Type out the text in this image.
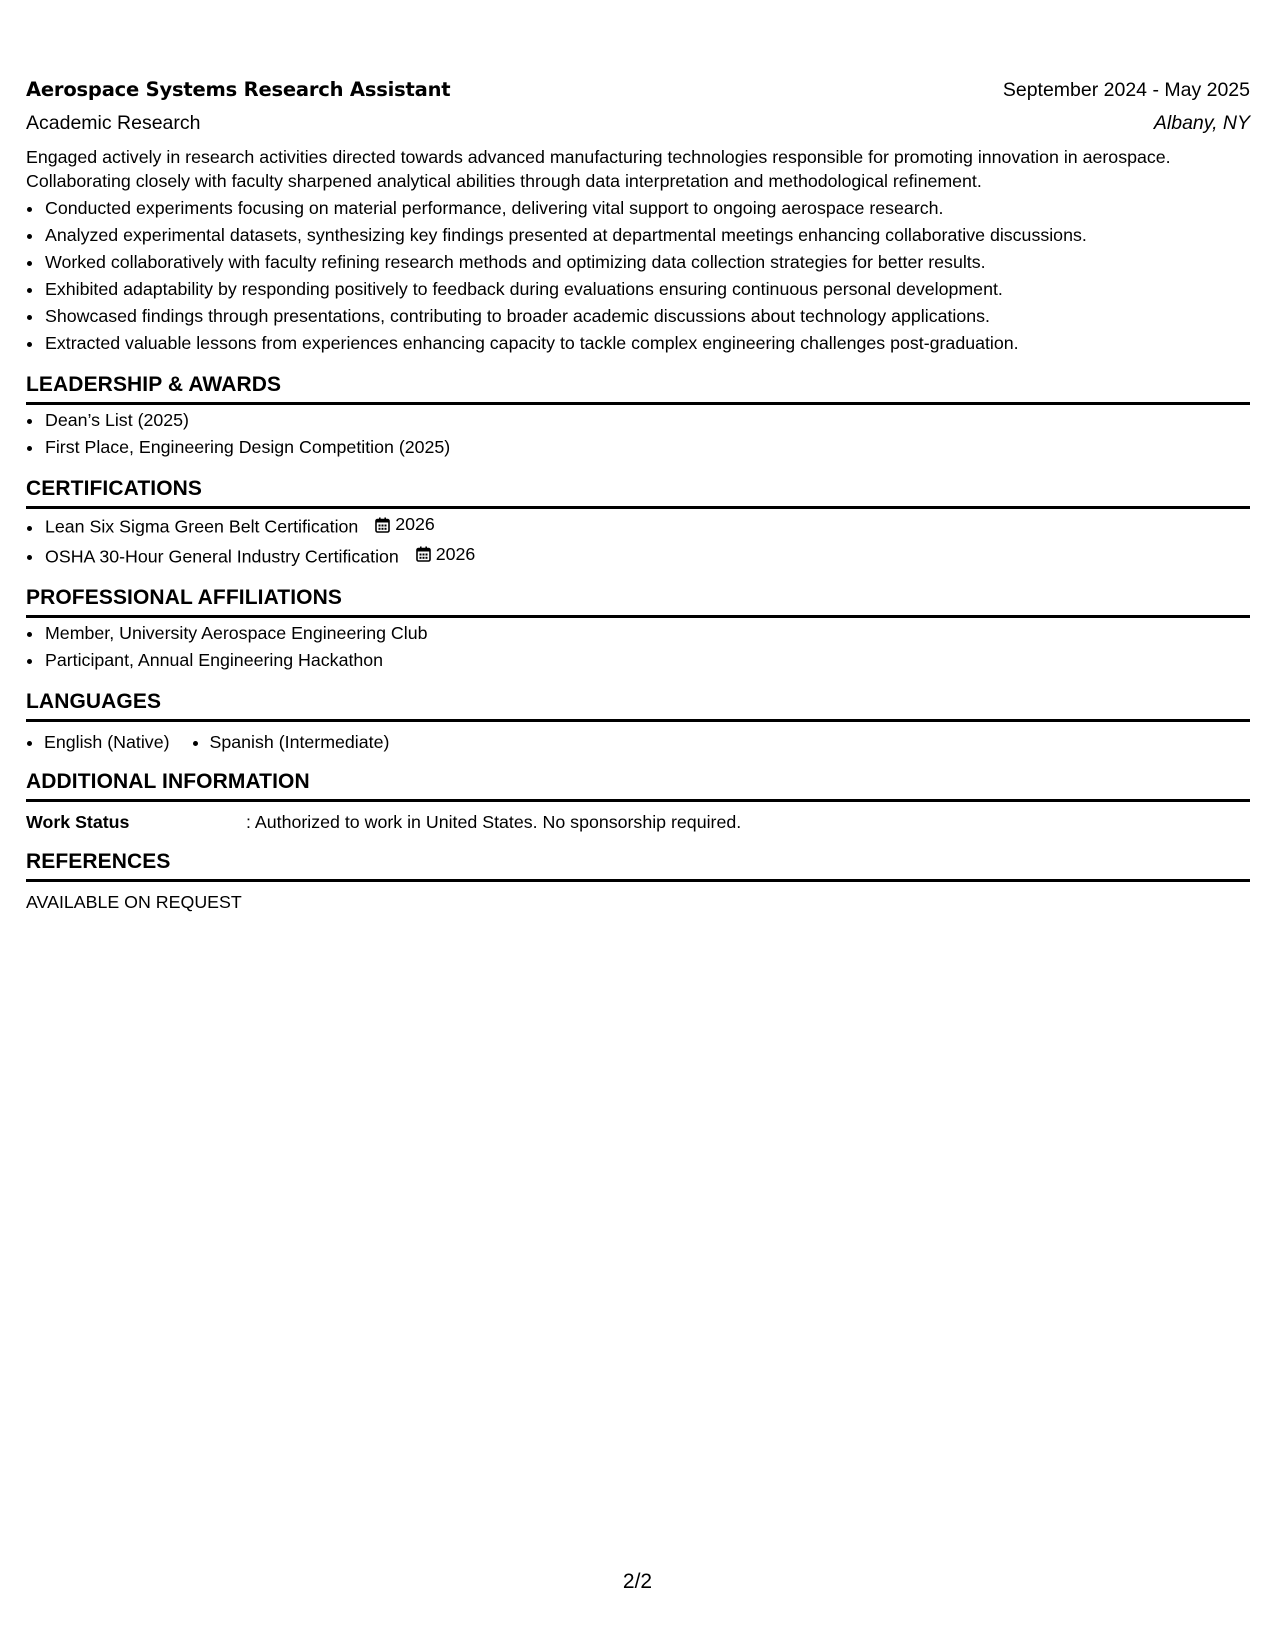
Aerospace Systems Research Assistant	September 2024 - May 2025
Academic Research	Albany, NY
Engaged actively in research activities directed towards advanced manufacturing technologies responsible for promoting innovation in aerospace. Collaborating closely with faculty sharpened analytical abilities through data interpretation and methodological refinement.
• Conducted experiments focusing on material performance, delivering vital support to ongoing aerospace research.
• Analyzed experimental datasets, synthesizing key findings presented at departmental meetings enhancing collaborative discussions.
• Worked collaboratively with faculty refining research methods and optimizing data collection strategies for better results.
• Exhibited adaptability by responding positively to feedback during evaluations ensuring continuous personal development.
• Showcased findings through presentations, contributing to broader academic discussions about technology applications.
• Extracted valuable lessons from experiences enhancing capacity to tackle complex engineering challenges post-graduation.
LEADERSHIP & AWARDS
• Dean’s List (2025)
• First Place, Engineering Design Competition (2025)
CERTIFICATIONS
• Lean Six Sigma Green Belt Certification 2026
• OSHA 30-Hour General Industry Certification 2026
PROFESSIONAL AFFILIATIONS
• Member, University Aerospace Engineering Club
• Participant, Annual Engineering Hackathon
LANGUAGES
• English (Native)
• Spanish (Intermediate)
ADDITIONAL INFORMATION
Work Status	: Authorized to work in United States. No sponsorship required.
REFERENCES
AVAILABLE ON REQUEST
2/2
